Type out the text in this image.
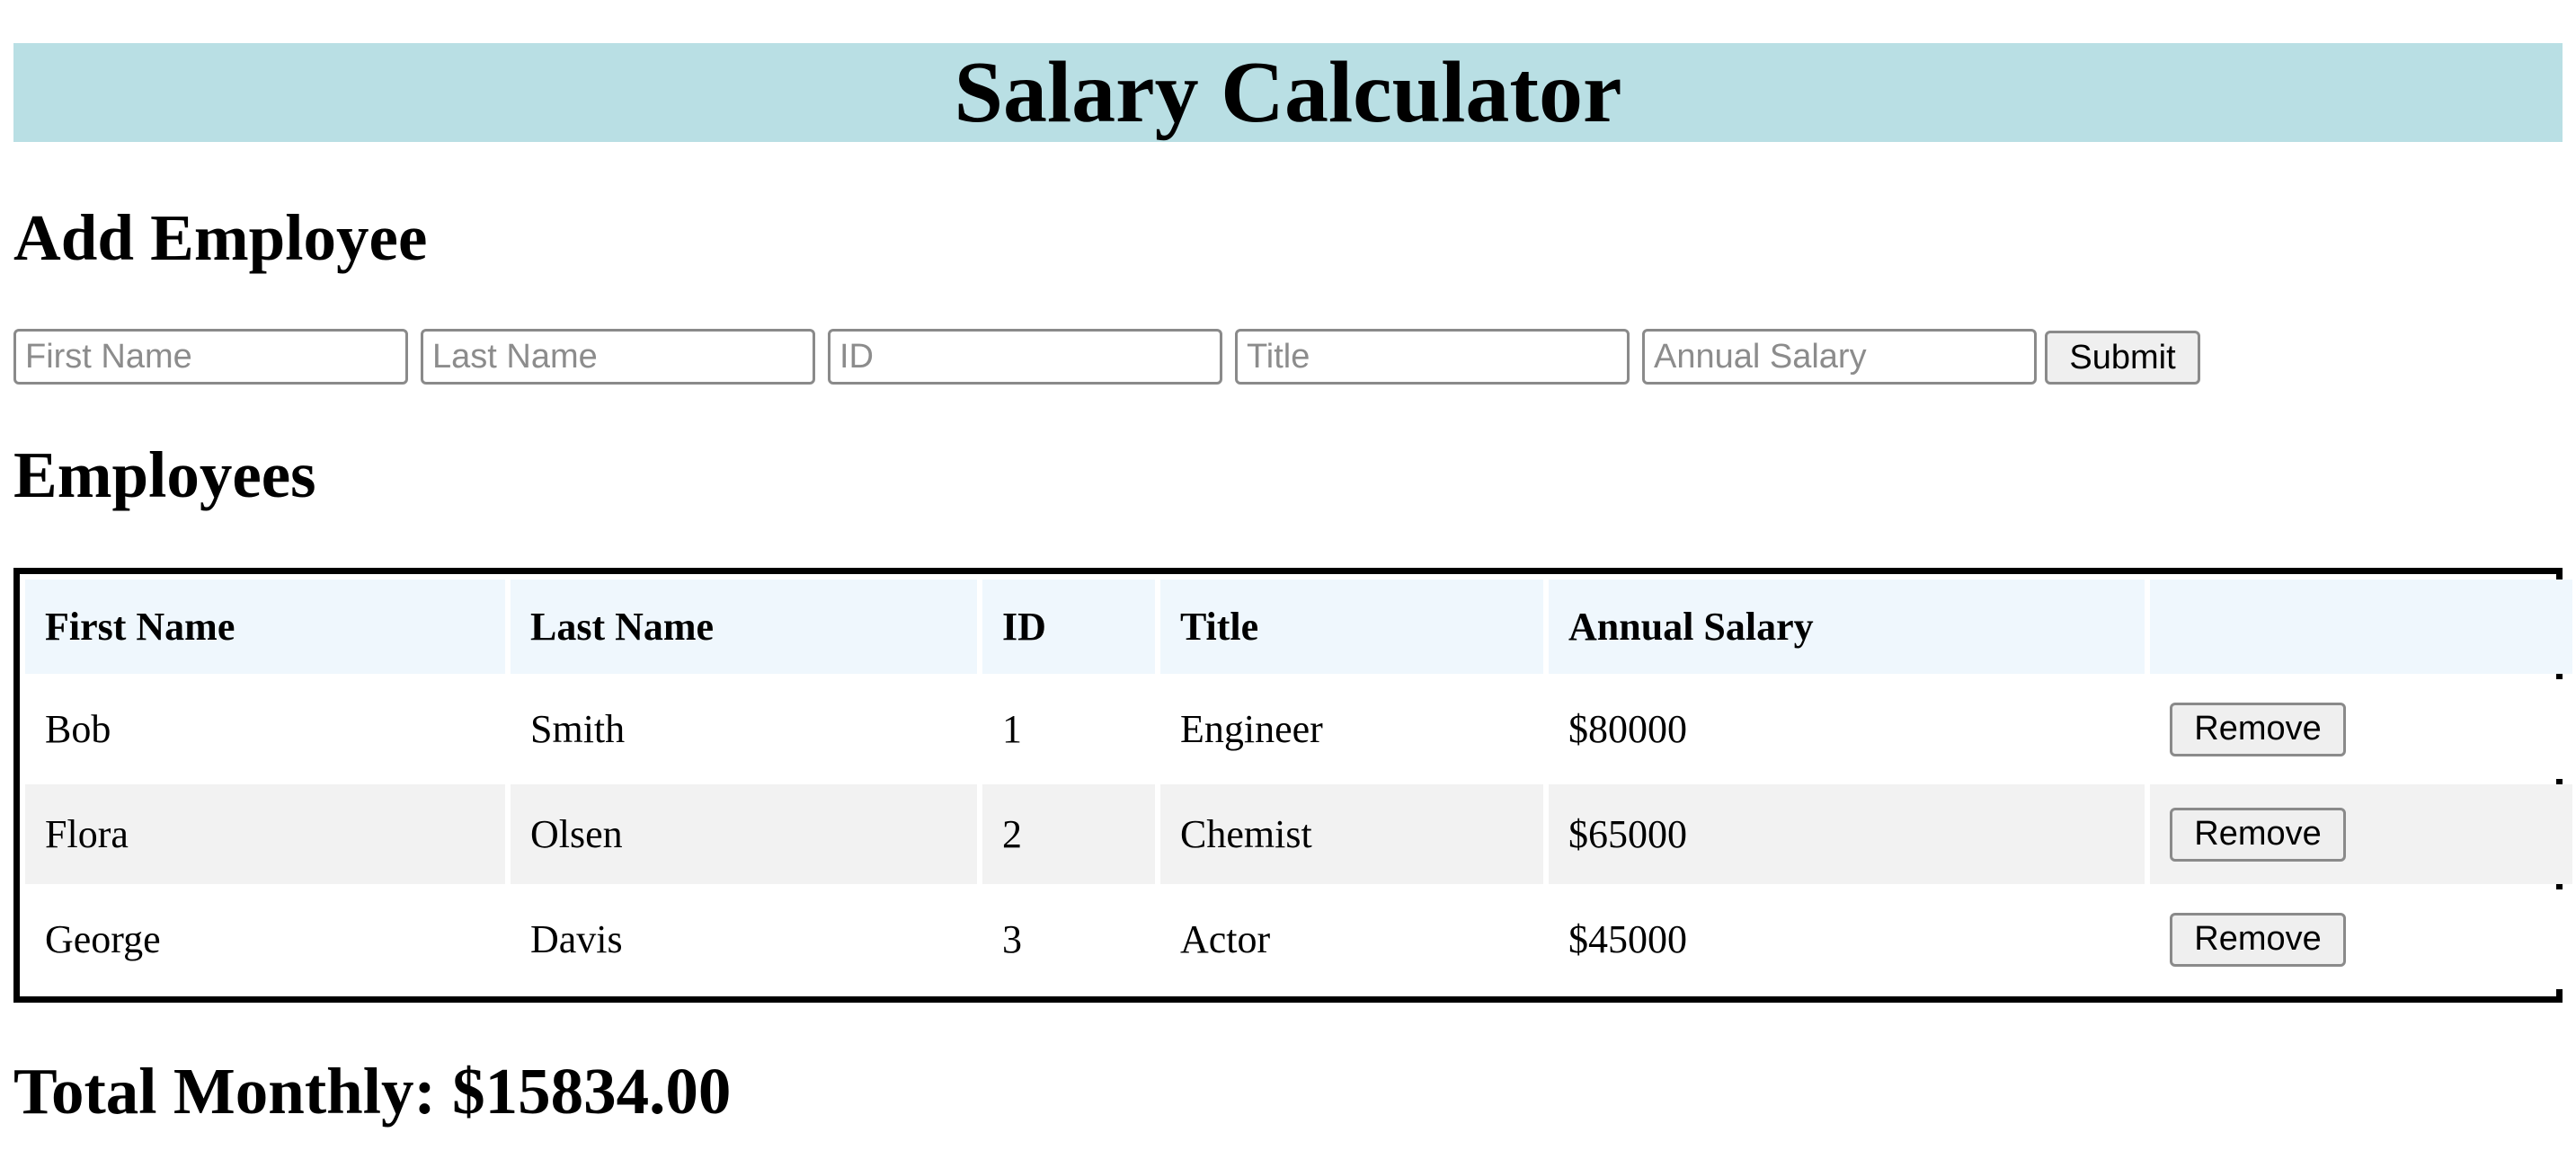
Salary Calculator
Add Employee
First Name
Last Name
ID
Title
Annual Salary
Submit
Employees
First Name	Last Name	ID	Title	Annual Salary	
Bob	Smith	1	Engineer	$80000	Remove
Flora	Olsen	2	Chemist	$65000	Remove
George	Davis	3	Actor	$45000	Remove
Total Monthly: $15834.00
